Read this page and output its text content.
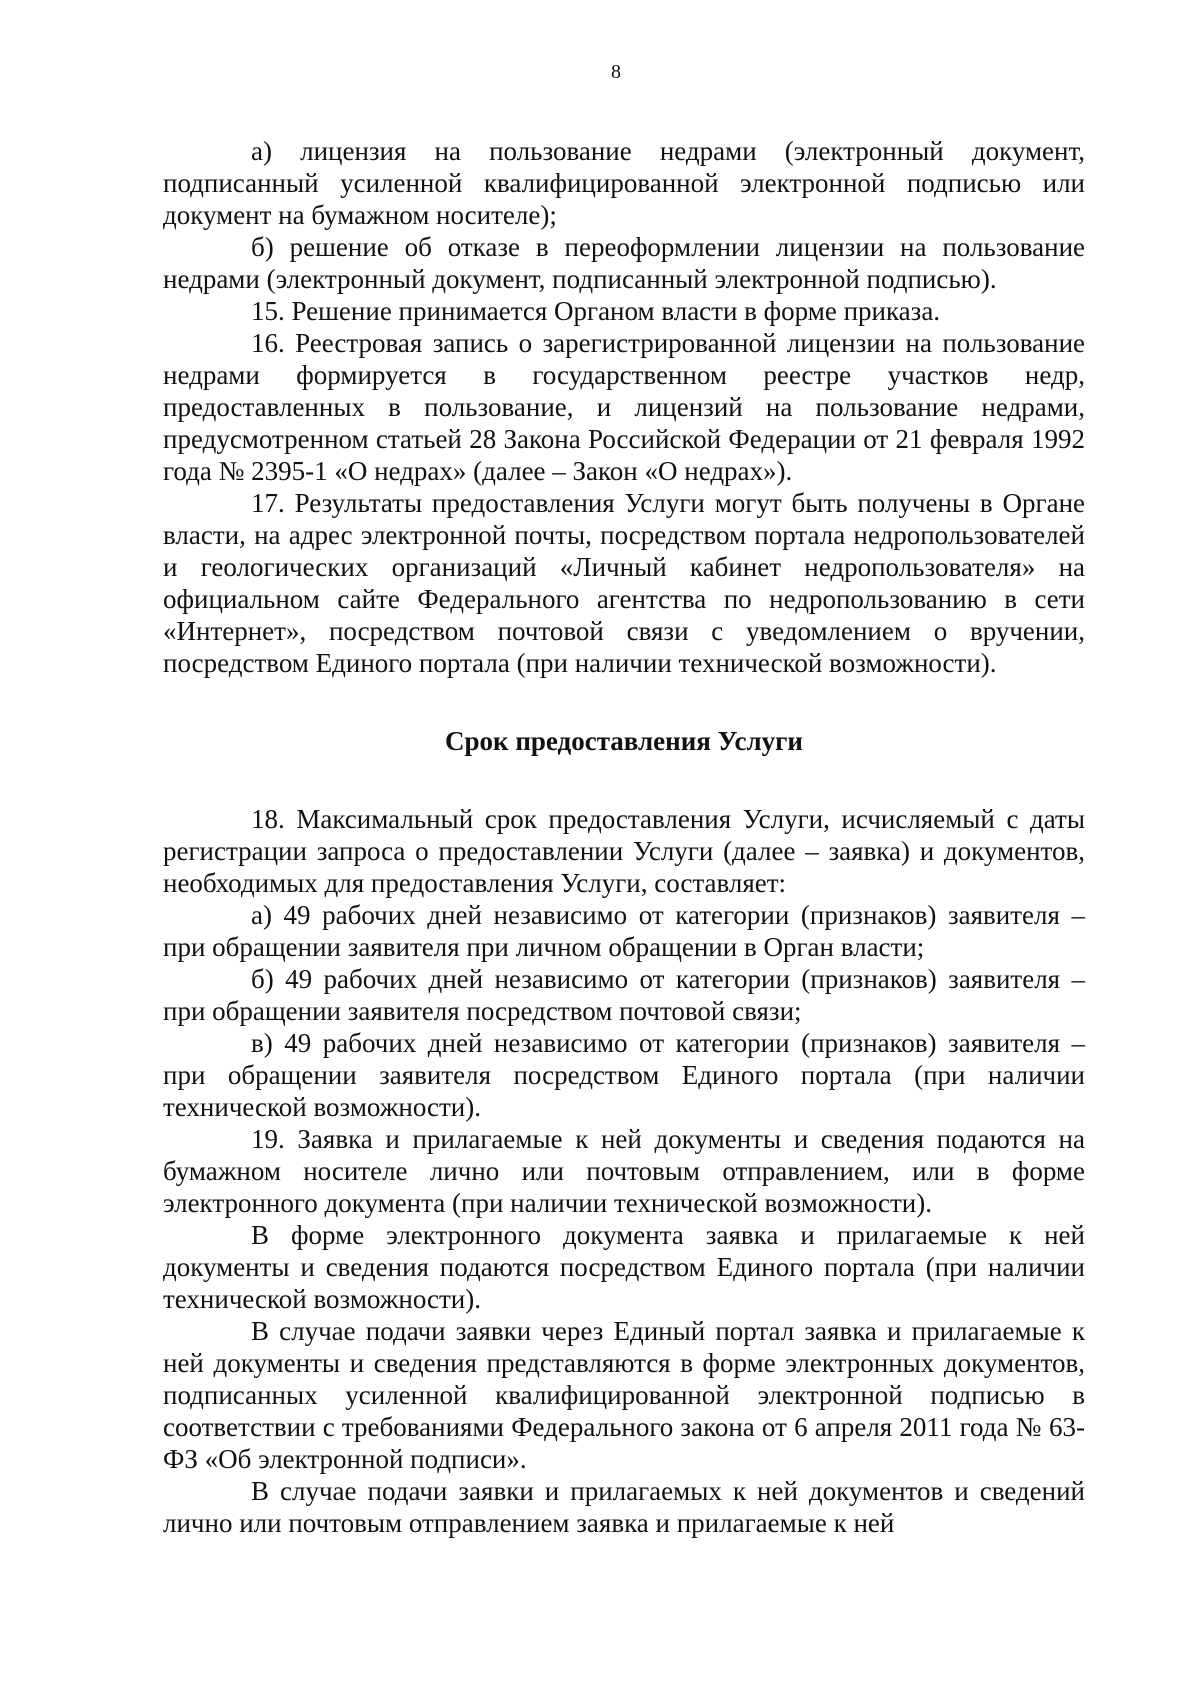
8

а) лицензия на пользование недрами (электронный документ, подписанный усиленной квалифицированной электронной подписью или документ на бумажном носителе);

б) решение об отказе в переоформлении лицензии на пользование недрами (электронный документ, подписанный электронной подписью).

15. Решение принимается Органом власти в форме приказа.

16. Реестровая запись о зарегистрированной лицензии на пользование недрами формируется в государственном реестре участков недр, предоставленных в пользование, и лицензий на пользование недрами, предусмотренном статьей 28 Закона Российской Федерации от 21 февраля 1992 года № 2395-1 «О недрах» (далее – Закон «О недрах»).

17. Результаты предоставления Услуги могут быть получены в Органе власти, на адрес электронной почты, посредством портала недропользователей и геологических организаций «Личный кабинет недропользователя» на официальном сайте Федерального агентства по недропользованию в сети «Интернет», посредством почтовой связи с уведомлением о вручении, посредством Единого портала (при наличии технической возможности).

Срок предоставления Услуги

18. Максимальный срок предоставления Услуги, исчисляемый с даты регистрации запроса о предоставлении Услуги (далее – заявка) и документов, необходимых для предоставления Услуги, составляет:

а) 49 рабочих дней независимо от категории (признаков) заявителя – при обращении заявителя при личном обращении в Орган власти;

б) 49 рабочих дней независимо от категории (признаков) заявителя – при обращении заявителя посредством почтовой связи;

в) 49 рабочих дней независимо от категории (признаков) заявителя – при обращении заявителя посредством Единого портала (при наличии технической возможности).

19. Заявка и прилагаемые к ней документы и сведения подаются на бумажном носителе лично или почтовым отправлением, или в форме электронного документа (при наличии технической возможности).

В форме электронного документа заявка и прилагаемые к ней документы и сведения подаются посредством Единого портала (при наличии технической возможности).

В случае подачи заявки через Единый портал заявка и прилагаемые к ней документы и сведения представляются в форме электронных документов, подписанных усиленной квалифицированной электронной подписью в соответствии с требованиями Федерального закона от 6 апреля 2011 года № 63-ФЗ «Об электронной подписи».

В случае подачи заявки и прилагаемых к ней документов и сведений лично или почтовым отправлением заявка и прилагаемые к ней
